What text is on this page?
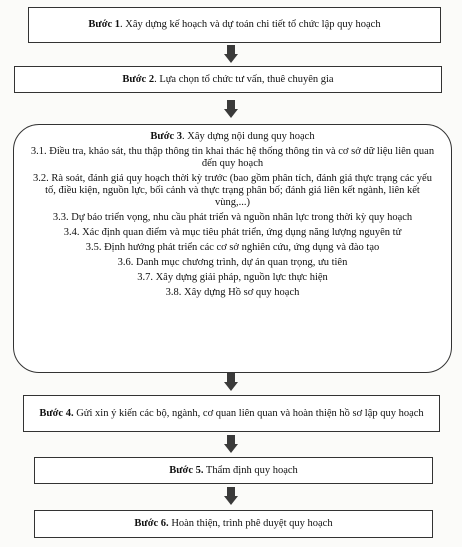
Bước 1. Xây dựng kế hoạch và dự toán chi tiết tổ chức lập quy hoạch
Bước 2. Lựa chọn tổ chức tư vấn, thuê chuyên gia
Bước 3. Xây dựng nội dung quy hoạch
3.1. Điều tra, khảo sát, thu thập thông tin khai thác hệ thống thông tin và cơ sở dữ liệu liên quan đến quy hoạch
3.2. Rà soát, đánh giá quy hoạch thời kỳ trước (bao gồm phân tích, đánh giá thực trạng các yếu tố, điều kiện, nguồn lực, bối cảnh và thực trạng phân bố; đánh giá liên kết ngành, liên kết vùng,...)
3.3. Dự báo triển vọng, nhu cầu phát triển và nguồn nhân lực trong thời kỳ quy hoạch
3.4. Xác định quan điểm và mục tiêu phát triển, ứng dụng năng lượng nguyên tử
3.5. Định hướng phát triển các cơ sở nghiên cứu, ứng dụng và đào tạo
3.6. Danh mục chương trình, dự án quan trọng, ưu tiên
3.7. Xây dựng giải pháp, nguồn lực thực hiện
3.8. Xây dựng Hồ sơ quy hoạch
Bước 4. Gửi xin ý kiến các bộ, ngành, cơ quan liên quan và hoàn thiện hồ sơ lập quy hoạch
Bước 5. Thẩm định quy hoạch
Bước 6. Hoàn thiện, trình phê duyệt quy hoạch
